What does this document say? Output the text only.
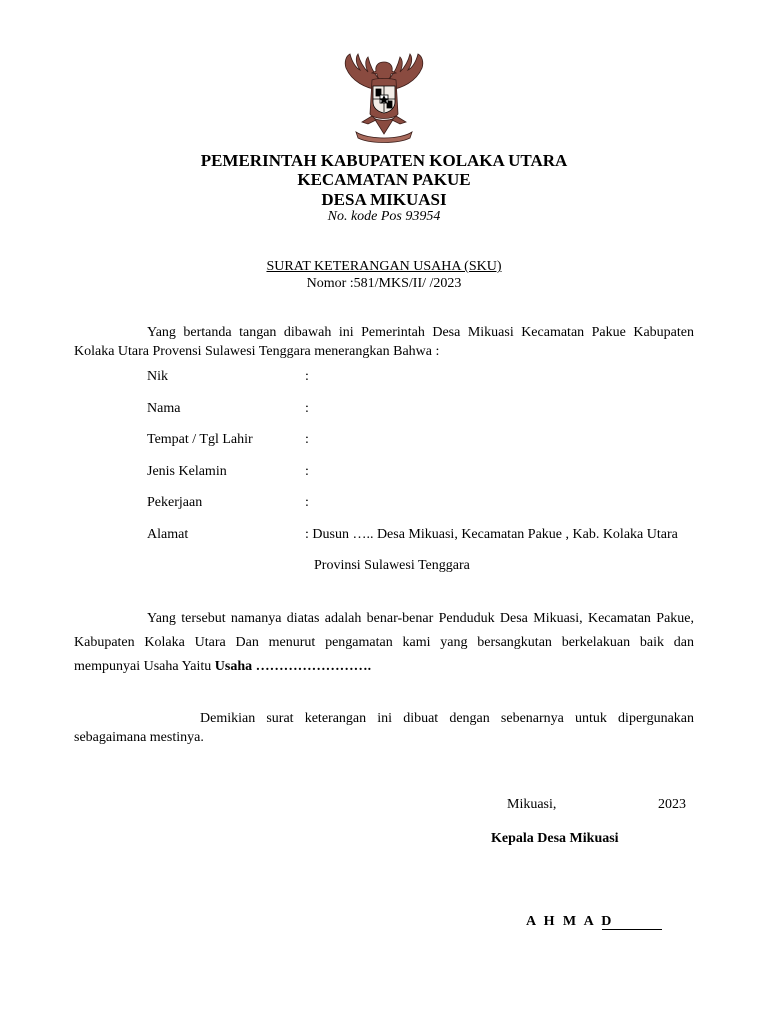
PEMERINTAH KABUPATEN KOLAKA UTARA
KECAMATAN PAKUE
DESA MIKUASI
No. kode Pos 93954
SURAT KETERANGAN USAHA (SKU)
Nomor :581/MKS/II/ /2023
Yang bertanda tangan dibawah ini Pemerintah Desa Mikuasi Kecamatan Pakue Kabupaten Kolaka Utara Provensi Sulawesi Tenggara menerangkan Bahwa :
Nik	:
Nama	:
Tempat / Tgl Lahir	:
Jenis Kelamin	:
Pekerjaan	:
Alamat	: Dusun ….. Desa Mikuasi, Kecamatan Pakue , Kab. Kolaka Utara
Provinsi Sulawesi Tenggara
Yang tersebut namanya diatas adalah benar-benar Penduduk Desa Mikuasi, Kecamatan Pakue, Kabupaten Kolaka Utara Dan menurut pengamatan kami yang bersangkutan berkelakuan baik dan mempunyai Usaha Yaitu Usaha …………………….
Demikian surat keterangan ini dibuat dengan sebenarnya untuk dipergunakan sebagaimana mestinya.
Mikuasi,	2023
Kepala Desa Mikuasi
A H M A D
